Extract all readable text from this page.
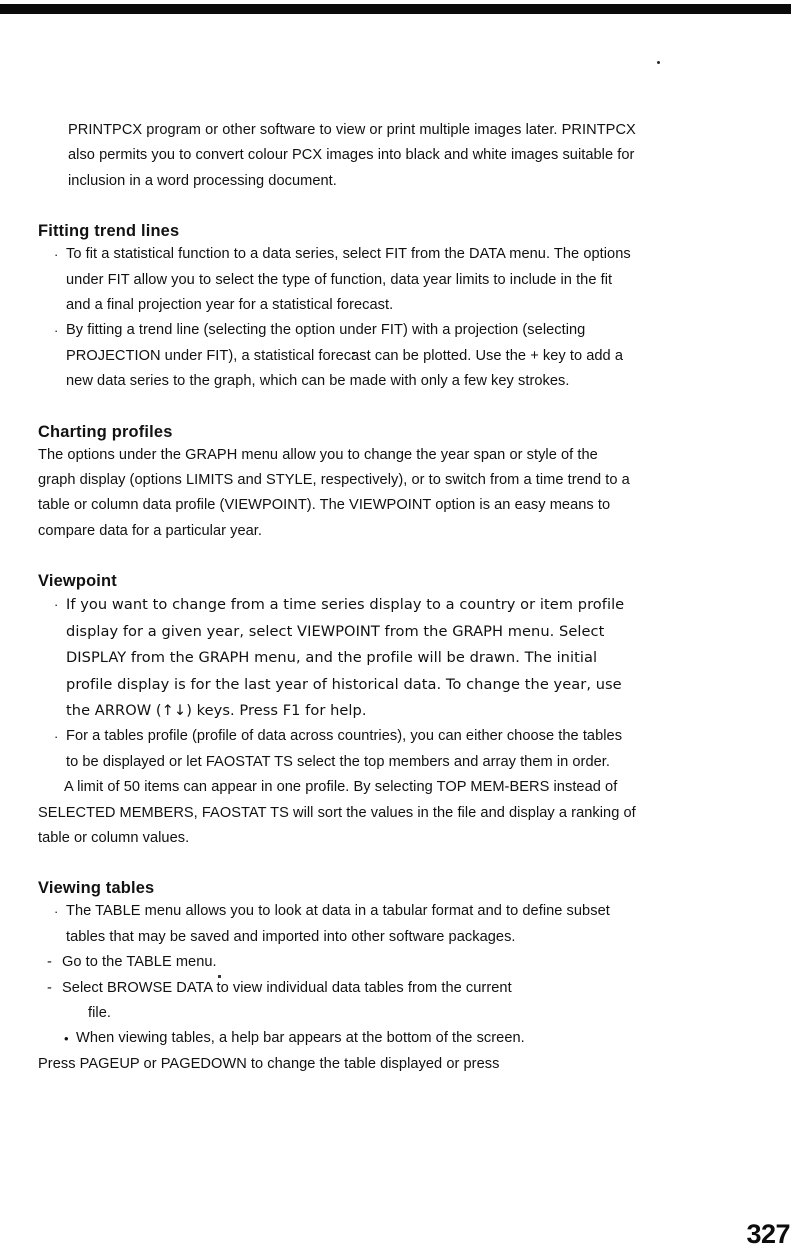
PRINTPCX program or other software to view or print multiple images later. PRINTPCX also permits you to convert colour PCX images into black and white images suitable for inclusion in a word processing document.

Fitting trend lines
· To fit a statistical function to a data series, select FIT from the DATA menu. The options under FIT allow you to select the type of function, data year limits to include in the fit and a final projection year for a statistical forecast.
· By fitting a trend line (selecting the option under FIT) with a projection (selecting PROJECTION under FIT), a statistical forecast can be plotted. Use the + key to add a new data series to the graph, which can be made with only a few key strokes.
Charting profiles

The options under the GRAPH menu allow you to change the year span or style of the graph display (options LIMITS and STYLE, respectively), or to switch from a time trend to a table or column data profile (VIEWPOINT). The VIEWPOINT option is an easy means to compare data for a particular year.

Viewpoint
· If you want to change from a time series display to a country or item profile display for a given year, select VIEWPOINT from the GRAPH menu. Select DISPLAY from the GRAPH menu, and the profile will be drawn. The initial profile display is for the last year of historical data. To change the year, use the ARROW (↑↓) keys. Press F1 for help.
· For a tables profile (profile of data across countries), you can either choose the tables to be displayed or let FAOSTAT TS select the top members and array them in order.

A limit of 50 items can appear in one profile. By selecting TOP MEM-BERS instead of SELECTED MEMBERS, FAOSTAT TS will sort the values in the file and display a ranking of table or column values.

Viewing tables
· The TABLE menu allows you to look at data in a tabular format and to define subset tables that may be saved and imported into other software packages.
- Go to the TABLE menu.
- Select BROWSE DATA to view individual data tables from the current
file.
• When viewing tables, a help bar appears at the bottom of the screen.

Press PAGEUP or PAGEDOWN to change the table displayed or press

327
